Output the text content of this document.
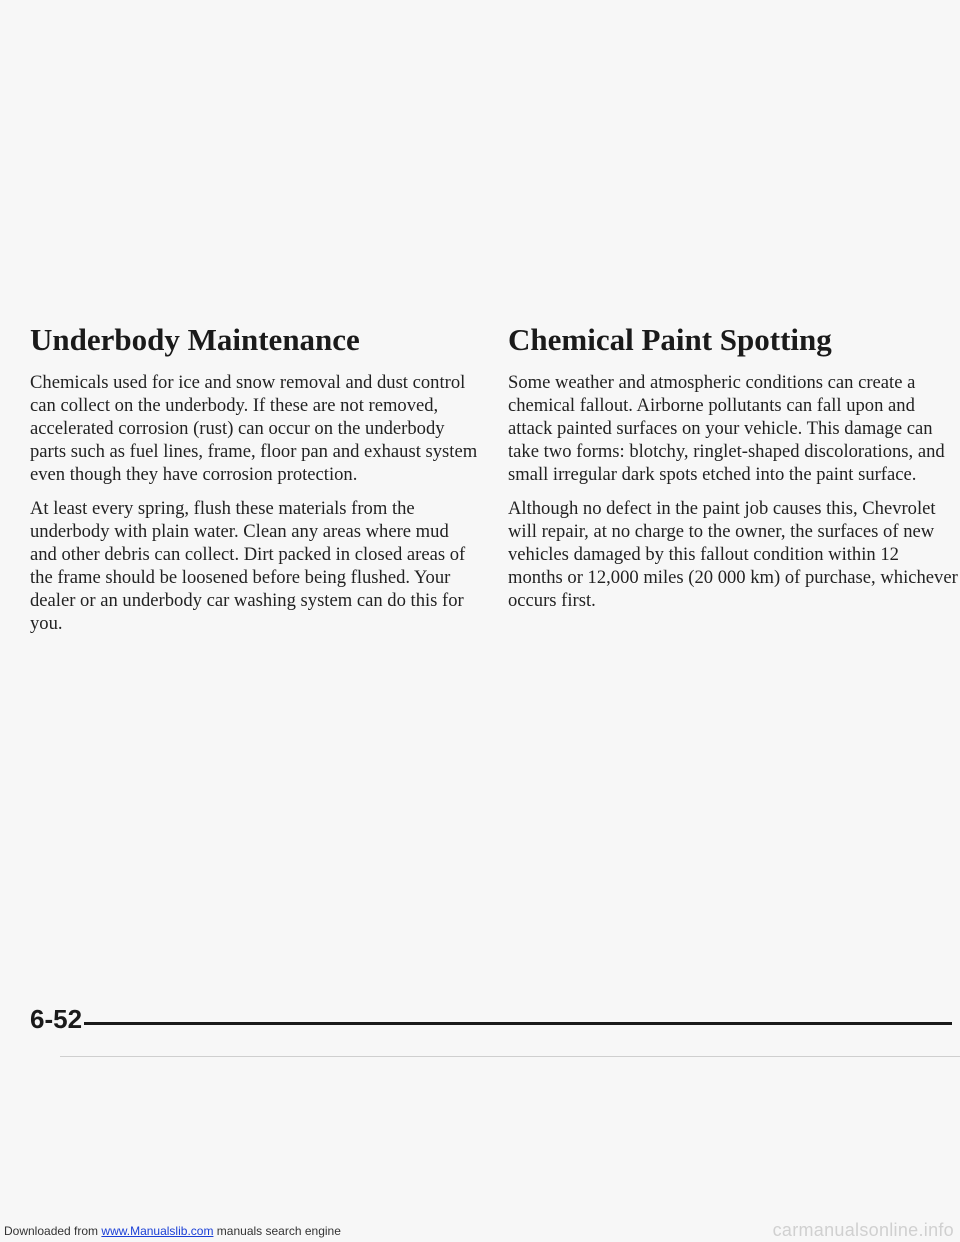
Underbody Maintenance

Chemicals used for ice and snow removal and dust control can collect on the underbody. If these are not removed, accelerated corrosion (rust) can occur on the underbody parts such as fuel lines, frame, floor pan and exhaust system even though they have corrosion protection.

At least every spring, flush these materials from the underbody with plain water. Clean any areas where mud and other debris can collect. Dirt packed in closed areas of the frame should be loosened before being flushed. Your dealer or an underbody car washing system can do this for you.

Chemical Paint Spotting

Some weather and atmospheric conditions can create a chemical fallout. Airborne pollutants can fall upon and attack painted surfaces on your vehicle. This damage can take two forms: blotchy, ringlet-shaped discolorations, and small irregular dark spots etched into the paint surface.

Although no defect in the paint job causes this, Chevrolet will repair, at no charge to the owner, the surfaces of new vehicles damaged by this fallout condition within 12 months or 12,000 miles (20 000 km) of purchase, whichever occurs first.

6-52
Downloaded from www.Manualslib.com manuals search engine	carmanualsonline.info
